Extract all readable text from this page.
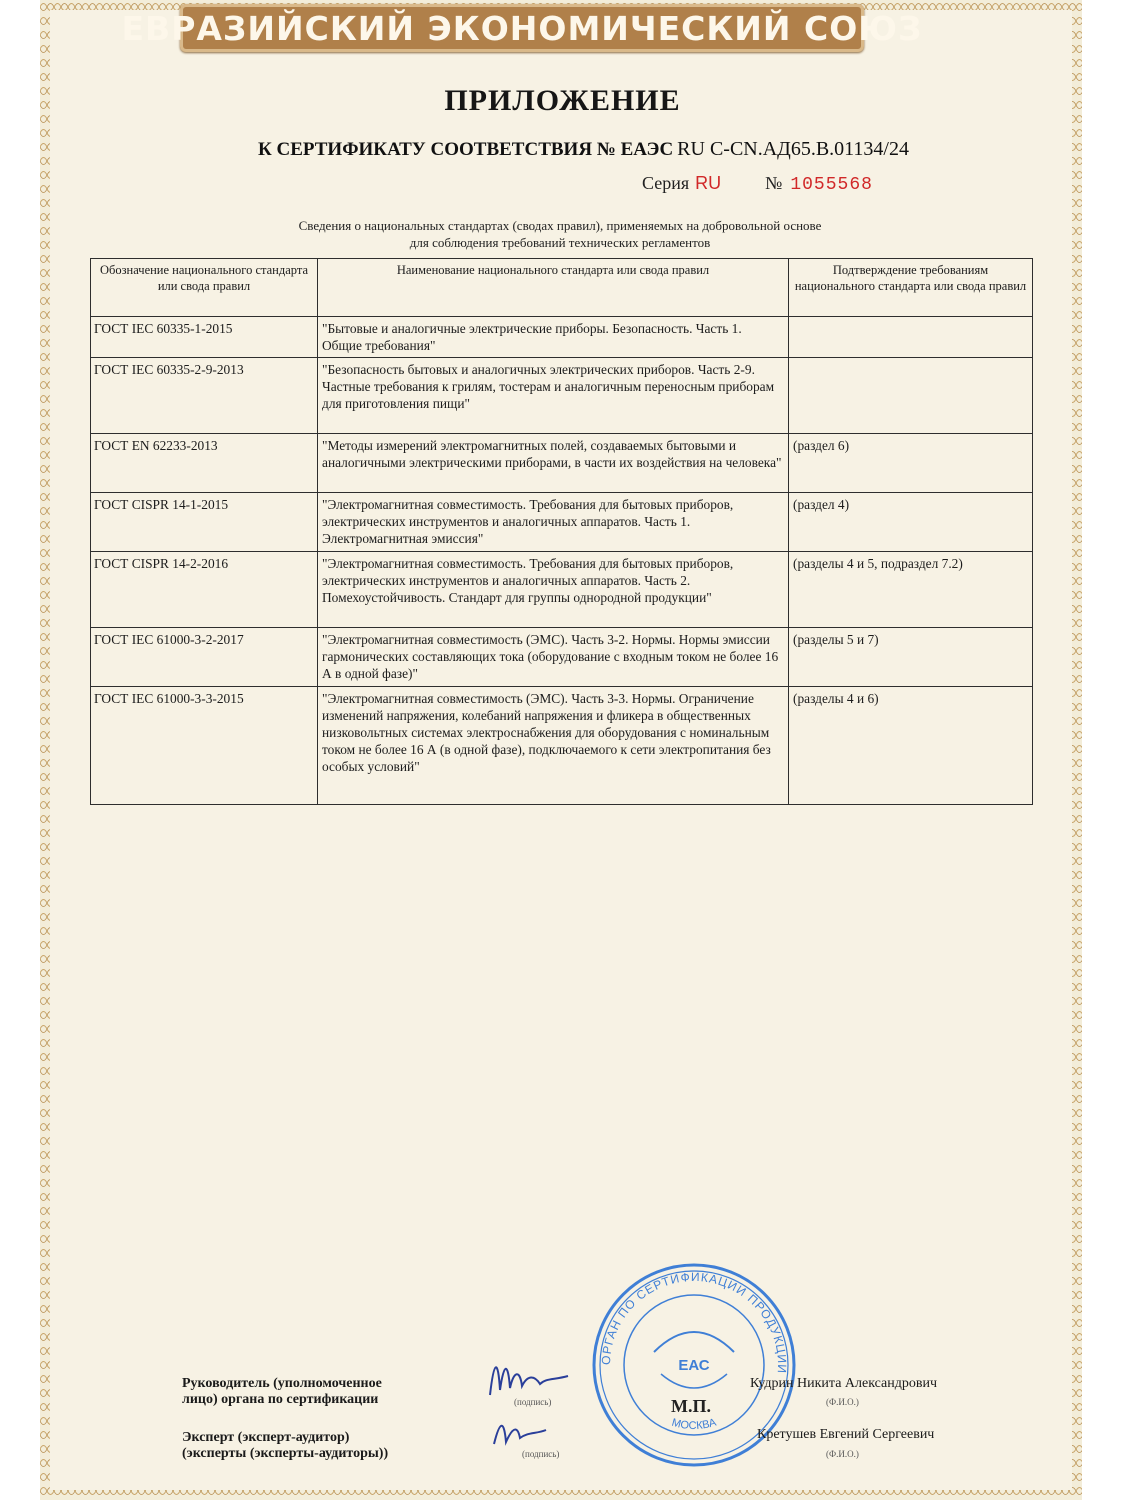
ЕВРАЗИЙСКИЙ ЭКОНОМИЧЕСКИЙ СОЮЗ
ПРИЛОЖЕНИЕ
К СЕРТИФИКАТУ СООТВЕТСТВИЯ № ЕАЭС RU C-CN.АД65.В.01134/24
Серия RU № 1055568
Сведения о национальных стандартах (сводах правил), применяемых на добровольной основе
для соблюдения требований технических регламентов
Обозначение национального стандарта или свода правил	Наименование национального стандарта или свода правил	Подтверждение требованиям национального стандарта или свода правил
ГОСТ IEC 60335-1-2015	"Бытовые и аналогичные электрические приборы. Безопасность. Часть 1. Общие требования"	
ГОСТ IEC 60335-2-9-2013	"Безопасность бытовых и аналогичных электрических приборов. Часть 2-9. Частные требования к грилям, тостерам и аналогичным переносным приборам для приготовления пищи"	
ГОСТ EN 62233-2013	"Методы измерений электромагнитных полей, создаваемых бытовыми и аналогичными электрическими приборами, в части их воздействия на человека"	(раздел 6)
ГОСТ CISPR 14-1-2015	"Электромагнитная совместимость. Требования для бытовых приборов, электрических инструментов и аналогичных аппаратов. Часть 1. Электромагнитная эмиссия"	(раздел 4)
ГОСТ CISPR 14-2-2016	"Электромагнитная совместимость. Требования для бытовых приборов, электрических инструментов и аналогичных аппаратов. Часть 2. Помехоустойчивость. Стандарт для группы однородной продукции"	(разделы 4 и 5, подраздел 7.2)
ГОСТ IEC 61000-3-2-2017	"Электромагнитная совместимость (ЭМС). Часть 3-2. Нормы. Нормы эмиссии гармонических составляющих тока (оборудование с входным током не более 16 А в одной фазе)"	(разделы 5 и 7)
ГОСТ IEC 61000-3-3-2015	"Электромагнитная совместимость (ЭМС). Часть 3-3. Нормы. Ограничение изменений напряжения, колебаний напряжения и фликера в общественных низковольтных системах электроснабжения для оборудования с номинальным током не более 16 А (в одной фазе), подключаемого к сети электропитания без особых условий"	(разделы 4 и 6)
ОРГАН ПО СЕРТИФИКАЦИИ ПРОДУКЦИИ
ЕАС
МОСКВА
Руководитель (уполномоченное
лицо) органа по сертификации
Эксперт (эксперт-аудитор)
(эксперты (эксперты-аудиторы))
(подпись)
(подпись)
М.П.
Кудрин Никита Александрович
(Ф.И.О.)
Кретушев Евгений Сергеевич
(Ф.И.О.)
